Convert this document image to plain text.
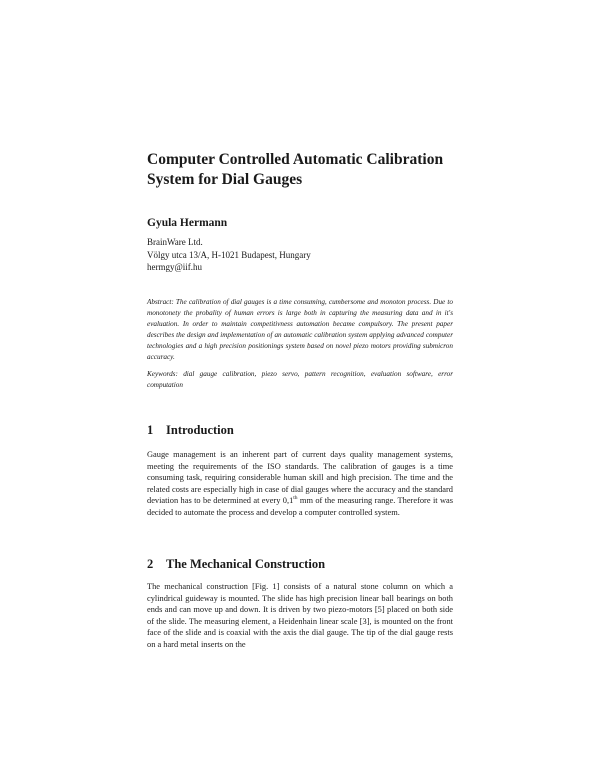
Computer Controlled Automatic Calibration
System for Dial Gauges

Gyula Hermann

BrainWare Ltd.
Völgy utca 13/A, H-1021 Budapest, Hungary
hermgy@iif.hu

Abstract: The calibration of dial gauges is a time consuming, cumbersome and monoton process. Due to monotonety the probality of human errors is large both in capturing the measuring data and in it's evaluation. In order to maintain competitivness automation became compulsory. The present paper describes the design and implementation of an automatic calibration system applying advanced computer technologies and a high precision positionings system based on novel piezo motors providing submicron accuracy.

Keywords: dial gauge calibration, piezo servo, pattern recognition, evaluation software, error computation

1 Introduction

Gauge management is an inherent part of current days quality management systems, meeting the requirements of the ISO standards. The calibration of gauges is a time consuming task, requiring considerable human skill and high precision. The time and the related costs are especially high in case of dial gauges where the accuracy and the standard deviation has to be determined at every 0,1th mm of the measuring range. Therefore it was decided to automate the process and develop a computer controlled system.

2 The Mechanical Construction

The mechanical construction [Fig. 1] consists of a natural stone column on which a cylindrical guideway is mounted. The slide has high precision linear ball bearings on both ends and can move up and down. It is driven by two piezo-motors [5] placed on both side of the slide. The measuring element, a Heidenhain linear scale [3], is mounted on the front face of the slide and is coaxial with the axis the dial gauge. The tip of the dial gauge rests on a hard metal inserts on the
